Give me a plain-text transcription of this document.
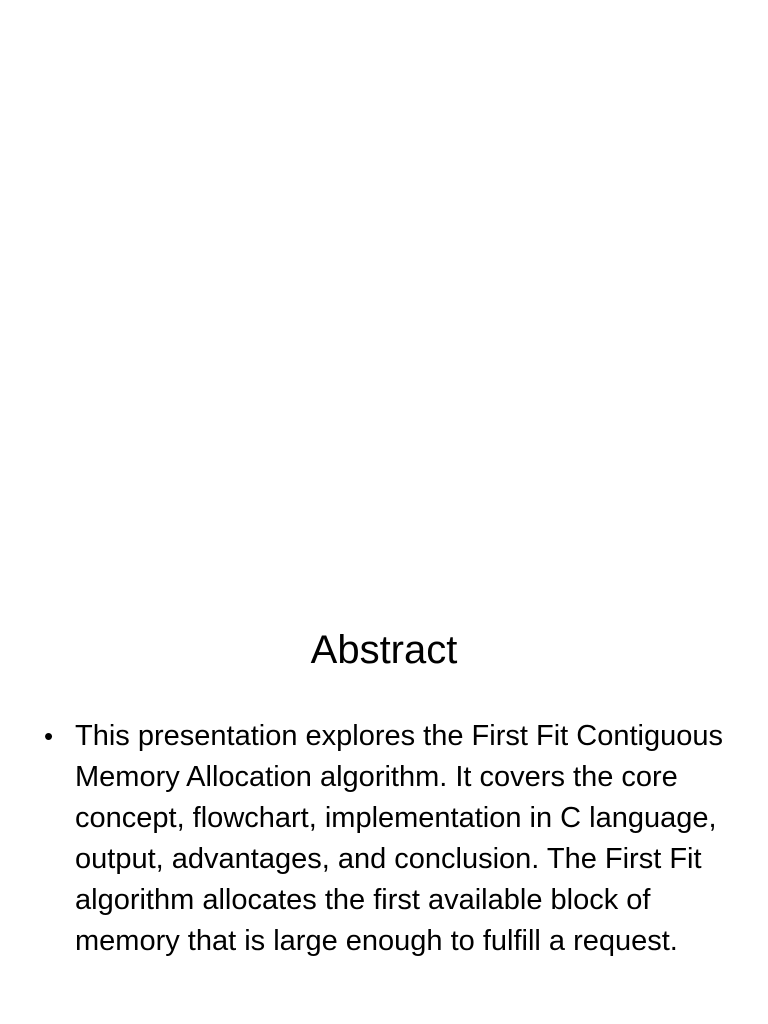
Abstract
• This presentation explores the First Fit Contiguous Memory Allocation algorithm. It covers the core concept, flowchart, implementation in C language, output, advantages, and conclusion. The First Fit algorithm allocates the first available block of memory that is large enough to fulfill a request.
